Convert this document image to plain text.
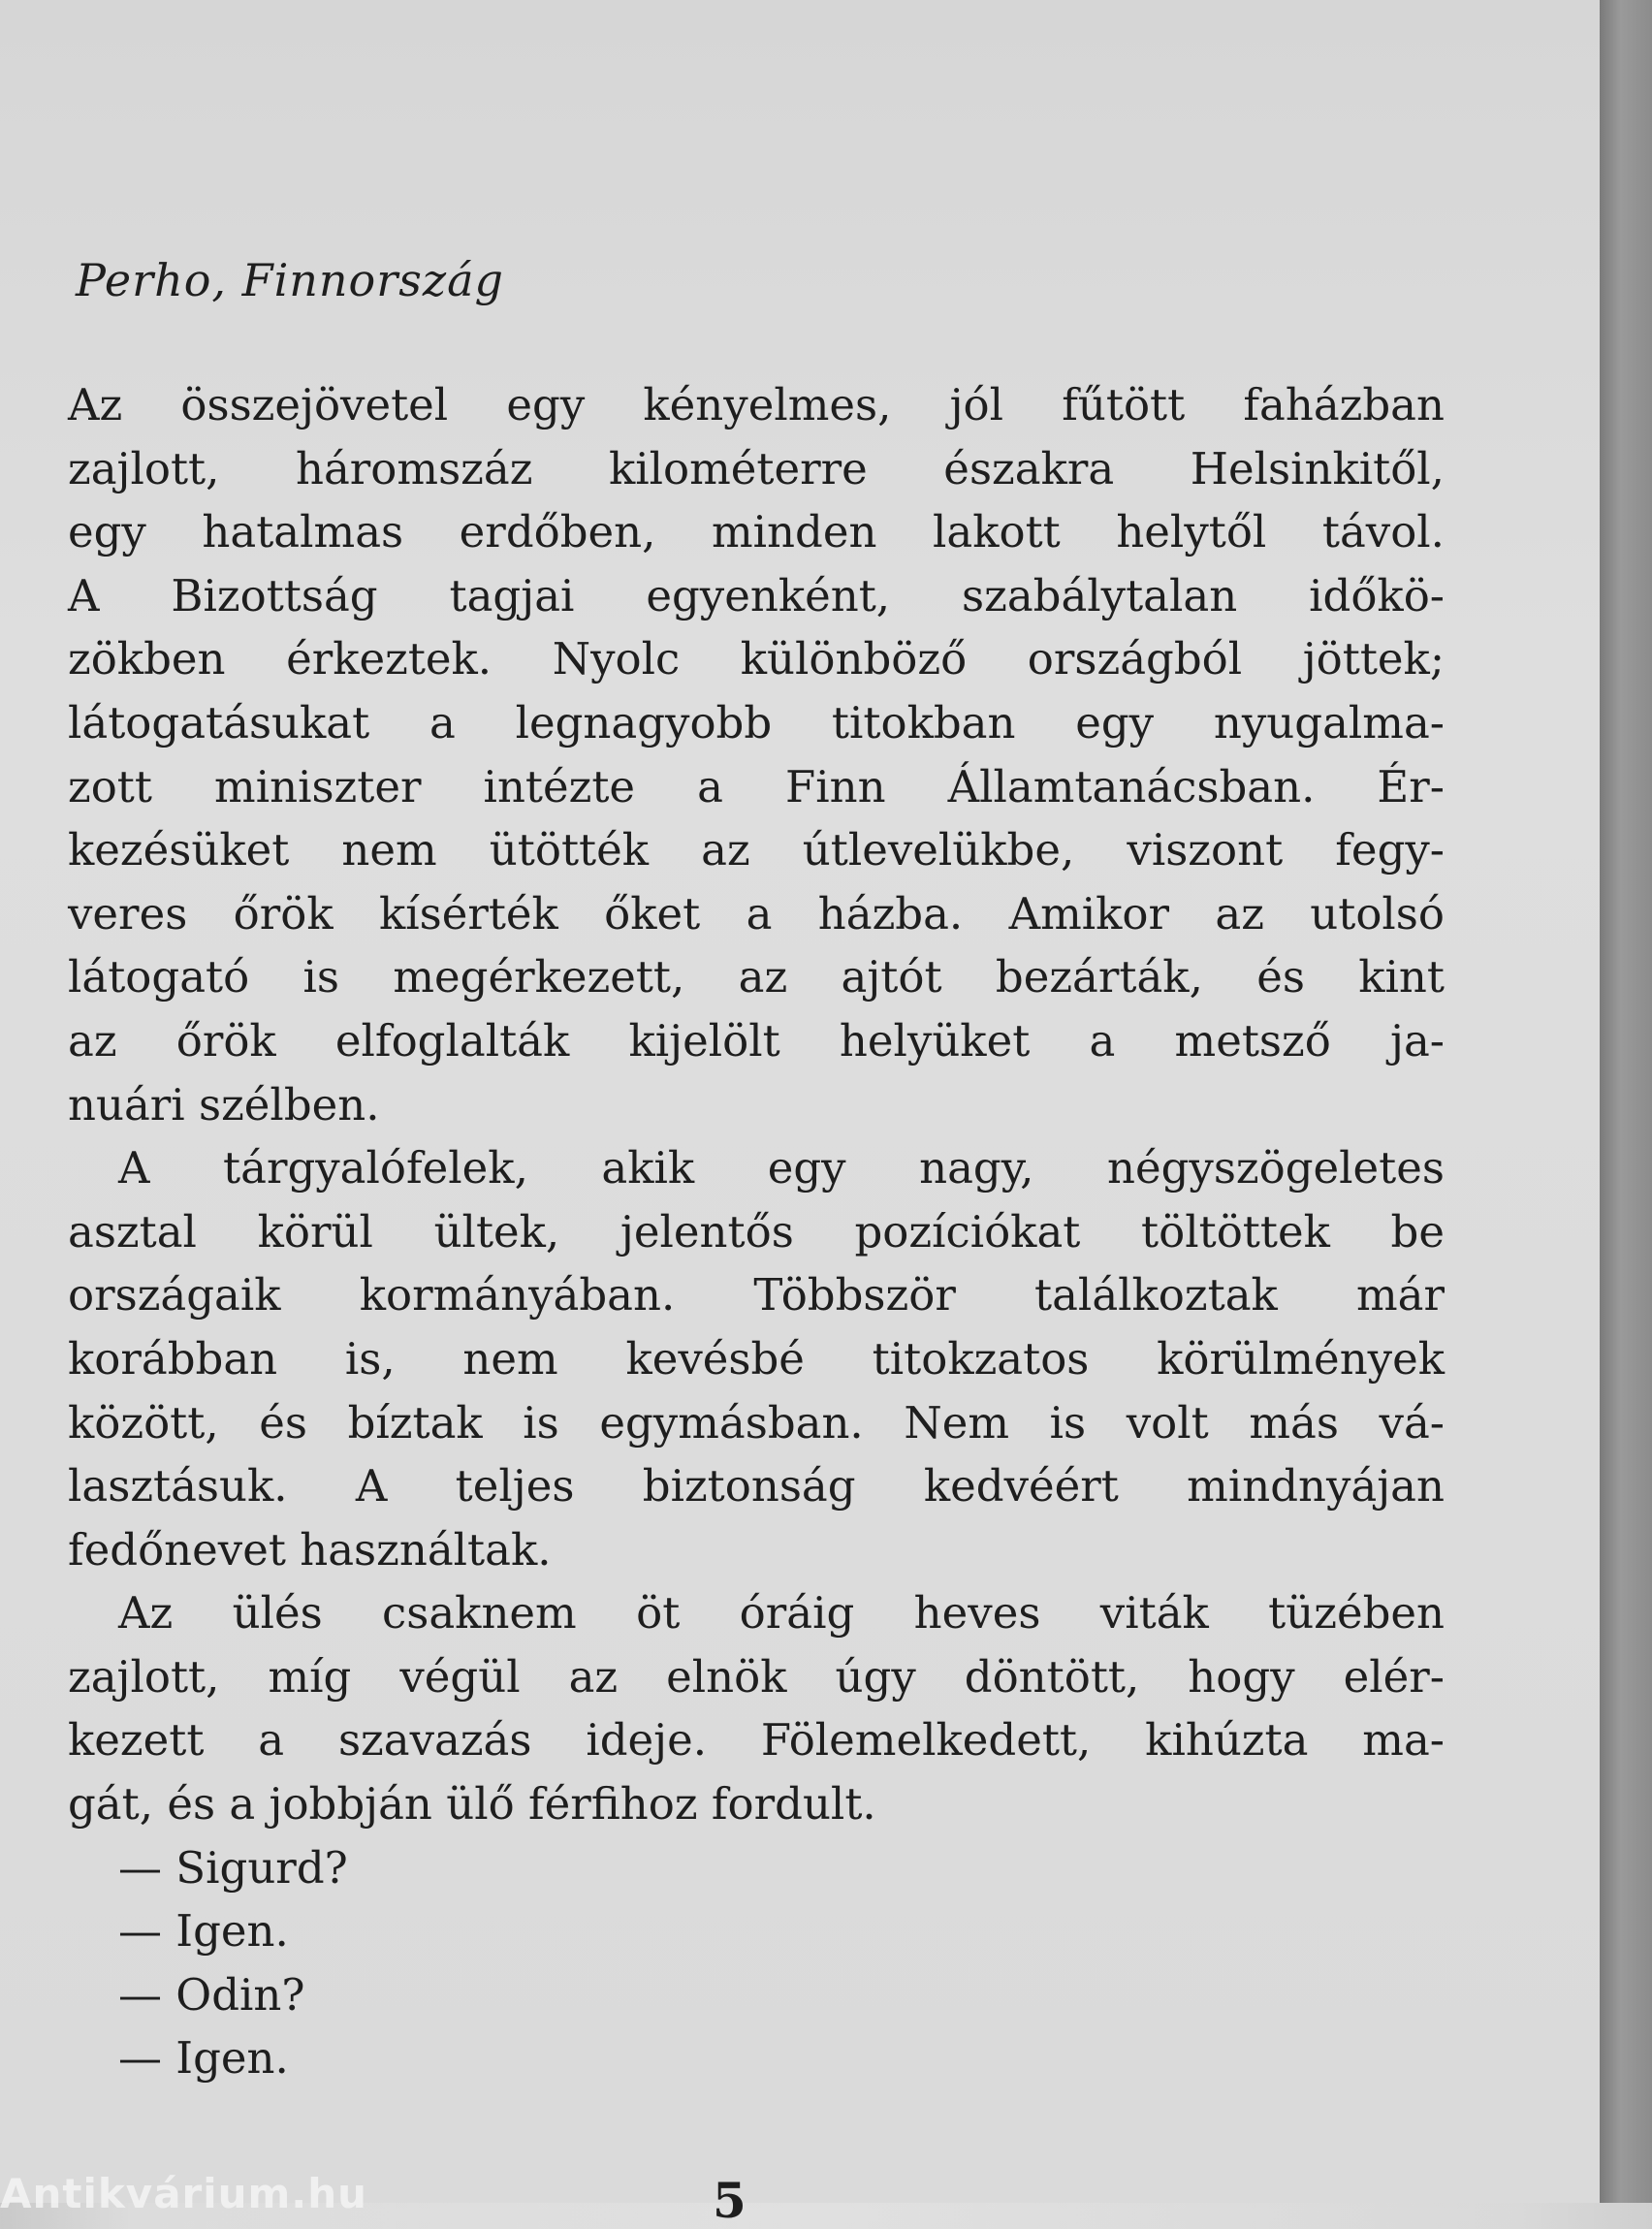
Perho, Finnország
Az összejövetel egy kényelmes, jól fűtött faházban
zajlott, háromszáz kilométerre északra Helsinkitől,
egy hatalmas erdőben, minden lakott helytől távol.
A Bizottság tagjai egyenként, szabálytalan időkö-
zökben érkeztek. Nyolc különböző országból jöttek;
látogatásukat a legnagyobb titokban egy nyugalma-
zott miniszter intézte a Finn Államtanácsban. Ér-
kezésüket nem ütötték az útlevelükbe, viszont fegy-
veres őrök kísérték őket a házba. Amikor az utolsó
látogató is megérkezett, az ajtót bezárták, és kint
az őrök elfoglalták kijelölt helyüket a metsző ja-
nuári szélben.
A tárgyalófelek, akik egy nagy, négyszögeletes
asztal körül ültek, jelentős pozíciókat töltöttek be
országaik kormányában. Többször találkoztak már
korábban is, nem kevésbé titokzatos körülmények
között, és bíztak is egymásban. Nem is volt más vá-
lasztásuk. A teljes biztonság kedvéért mindnyájan
fedőnevet használtak.
Az ülés csaknem öt óráig heves viták tüzében
zajlott, míg végül az elnök úgy döntött, hogy elér-
kezett a szavazás ideje. Fölemelkedett, kihúzta ma-
gát, és a jobbján ülő férfihoz fordult.
— Sigurd?
— Igen.
— Odin?
— Igen.
5
Antikvárium.hu
